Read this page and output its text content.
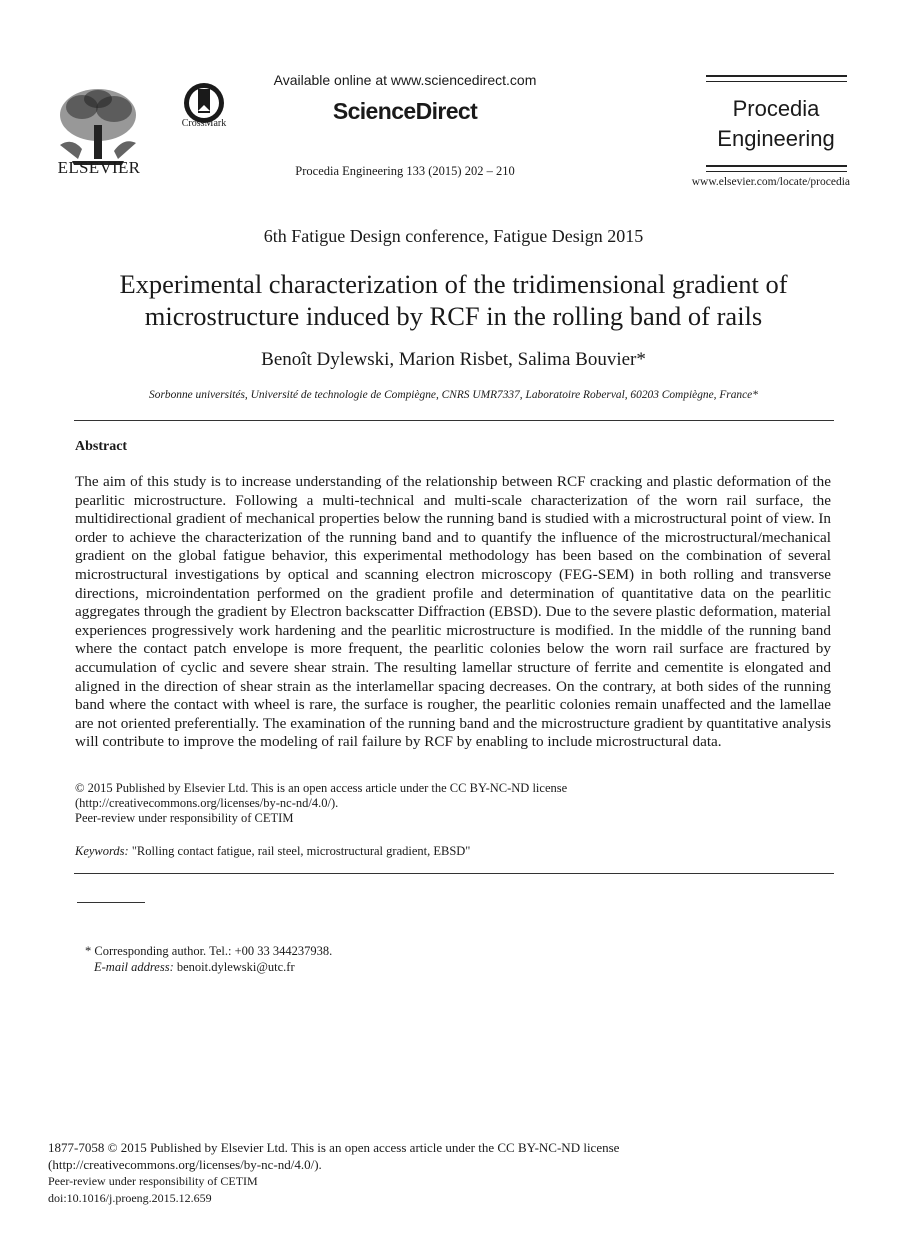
ELSEVIER
CrossMark
Available online at www.sciencedirect.com
ScienceDirect
Procedia Engineering 133 (2015) 202 – 210
Procedia
Engineering
www.elsevier.com/locate/procedia
6th Fatigue Design conference, Fatigue Design 2015
Experimental characterization of the tridimensional gradient of
microstructure induced by RCF in the rolling band of rails
Benoît Dylewski, Marion Risbet, Salima Bouvier*
Sorbonne universités, Université de technologie de Compiègne, CNRS UMR7337, Laboratoire Roberval, 60203 Compiègne, France*
Abstract
The aim of this study is to increase understanding of the relationship between RCF cracking and plastic deformation of the pearlitic microstructure. Following a multi-technical and multi-scale characterization of the worn rail surface, the multidirectional gradient of mechanical properties below the running band is studied with a microstructural point of view. In order to achieve the characterization of the running band and to quantify the influence of the microstructural/mechanical gradient on the global fatigue behavior, this experimental methodology has been based on the combination of several microstructural investigations by optical and scanning electron microscopy (FEG-SEM) in both rolling and transverse directions, microindentation performed on the gradient profile and determination of quantitative data on the pearlitic aggregates through the gradient by Electron backscatter Diffraction (EBSD). Due to the severe plastic deformation, material experiences progressively work hardening and the pearlitic microstructure is modified. In the middle of the running band where the contact patch envelope is more frequent, the pearlitic colonies below the worn rail surface are fractured by accumulation of cyclic and severe shear strain. The resulting lamellar structure of ferrite and cementite is elongated and aligned in the direction of shear strain as the interlamellar spacing decreases. On the contrary, at both sides of the running band where the contact with wheel is rare, the surface is rougher, the pearlitic colonies remain unaffected and the lamellae are not oriented preferentially. The examination of the running band and the microstructure gradient by quantitative analysis will contribute to improve the modeling of rail failure by RCF by enabling to include microstructural data.
© 2015 Published by Elsevier Ltd. This is an open access article under the CC BY-NC-ND license
(http://creativecommons.org/licenses/by-nc-nd/4.0/).
Peer-review under responsibility of CETIM
Keywords: "Rolling contact fatigue, rail steel, microstructural gradient, EBSD"
* Corresponding author. Tel.: +00 33 344237938.
E-mail address: benoit.dylewski@utc.fr
1877-7058 © 2015 Published by Elsevier Ltd. This is an open access article under the CC BY-NC-ND license
(http://creativecommons.org/licenses/by-nc-nd/4.0/).
Peer-review under responsibility of CETIM
doi:10.1016/j.proeng.2015.12.659
